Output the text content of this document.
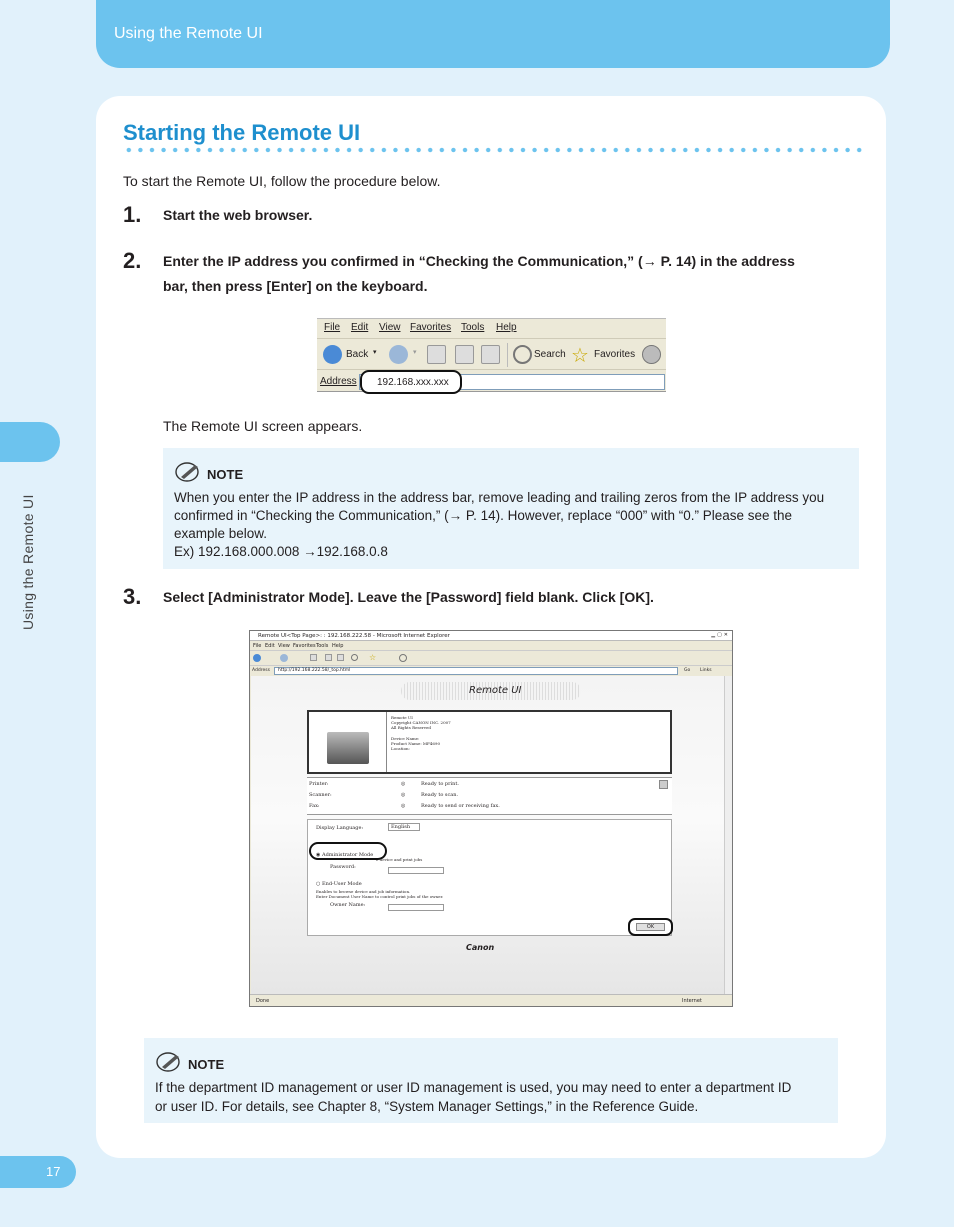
Using the Remote UI
Using the Remote UI
17
Starting the Remote UI
To start the Remote UI, follow the procedure below.
1. Start the web browser.
2. Enter the IP address you confirmed in “Checking the Communication,” (→ P. 14) in the address
bar, then press [Enter] on the keyboard.
File Edit View Favorites Tools Help
Back ▾	▾	Search ☆ Favorites
Address 192.168.xxx.xxx
The Remote UI screen appears.
NOTE
When you enter the IP address in the address bar, remove leading and trailing zeros from the IP address you
confirmed in “Checking the Communication,” (→ P. 14). However, replace “000” with “0.” Please see the
example below.
Ex) 192.168.000.008 →192.168.0.8
3. Select [Administrator Mode]. Leave the [Password] field blank. Click [OK].
Remote UI<Top Page>: : 192.168.222.58 - Microsoft Internet Explorer	▁▢✕
File Edit View Favorites Tools Help
☆
Address	http://192.168.222.58/_top.html	Go Links
Remote UI
Remote UI
Copyright CANON INC. 2007
All Rights Reserved
Device Name:
Product Name: MF4690
Location:
Printer:	◎	Ready to print.
Scanner:	◎	Ready to scan.
Fax:	◎	Ready to send or receiving fax.
Display Language:	English
◉ Administrator Mode
e device and print jobs
Password:
○ End-User Mode
Enables to browse device and job information.
Enter Document User Name to control print jobs of the owner.
Owner Name:
Canon
Done	Internet
OK
NOTE
If the department ID management or user ID management is used, you may need to enter a department ID
or user ID. For details, see Chapter 8, “System Manager Settings,” in the Reference Guide.
